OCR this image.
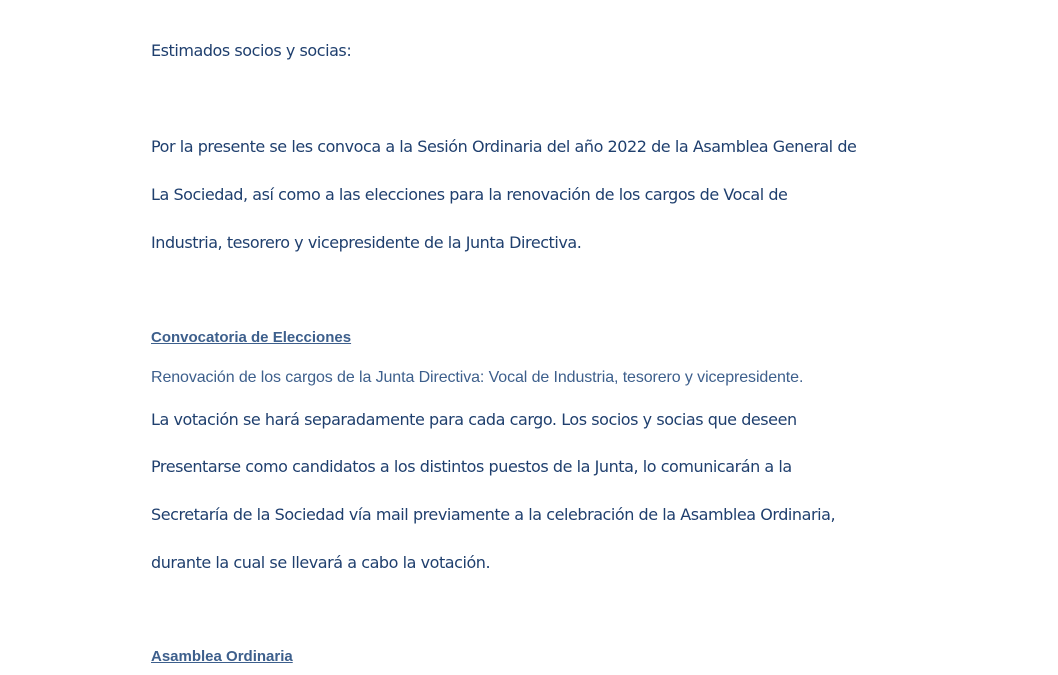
Estimados socios y socias:

Por la presente se les convoca a la Sesión Ordinaria del año 2022 de la Asamblea General de

La Sociedad, así como a las elecciones para la renovación de los cargos de Vocal de

Industria, tesorero y vicepresidente de la Junta Directiva.

Convocatoria de Elecciones

Renovación de los cargos de la Junta Directiva: Vocal de Industria, tesorero y vicepresidente.

La votación se hará separadamente para cada cargo. Los socios y socias que deseen

Presentarse como candidatos a los distintos puestos de la Junta, lo comunicarán a la

Secretaría de la Sociedad vía mail previamente a la celebración de la Asamblea Ordinaria,

durante la cual se llevará a cabo la votación.

Asamblea Ordinaria
